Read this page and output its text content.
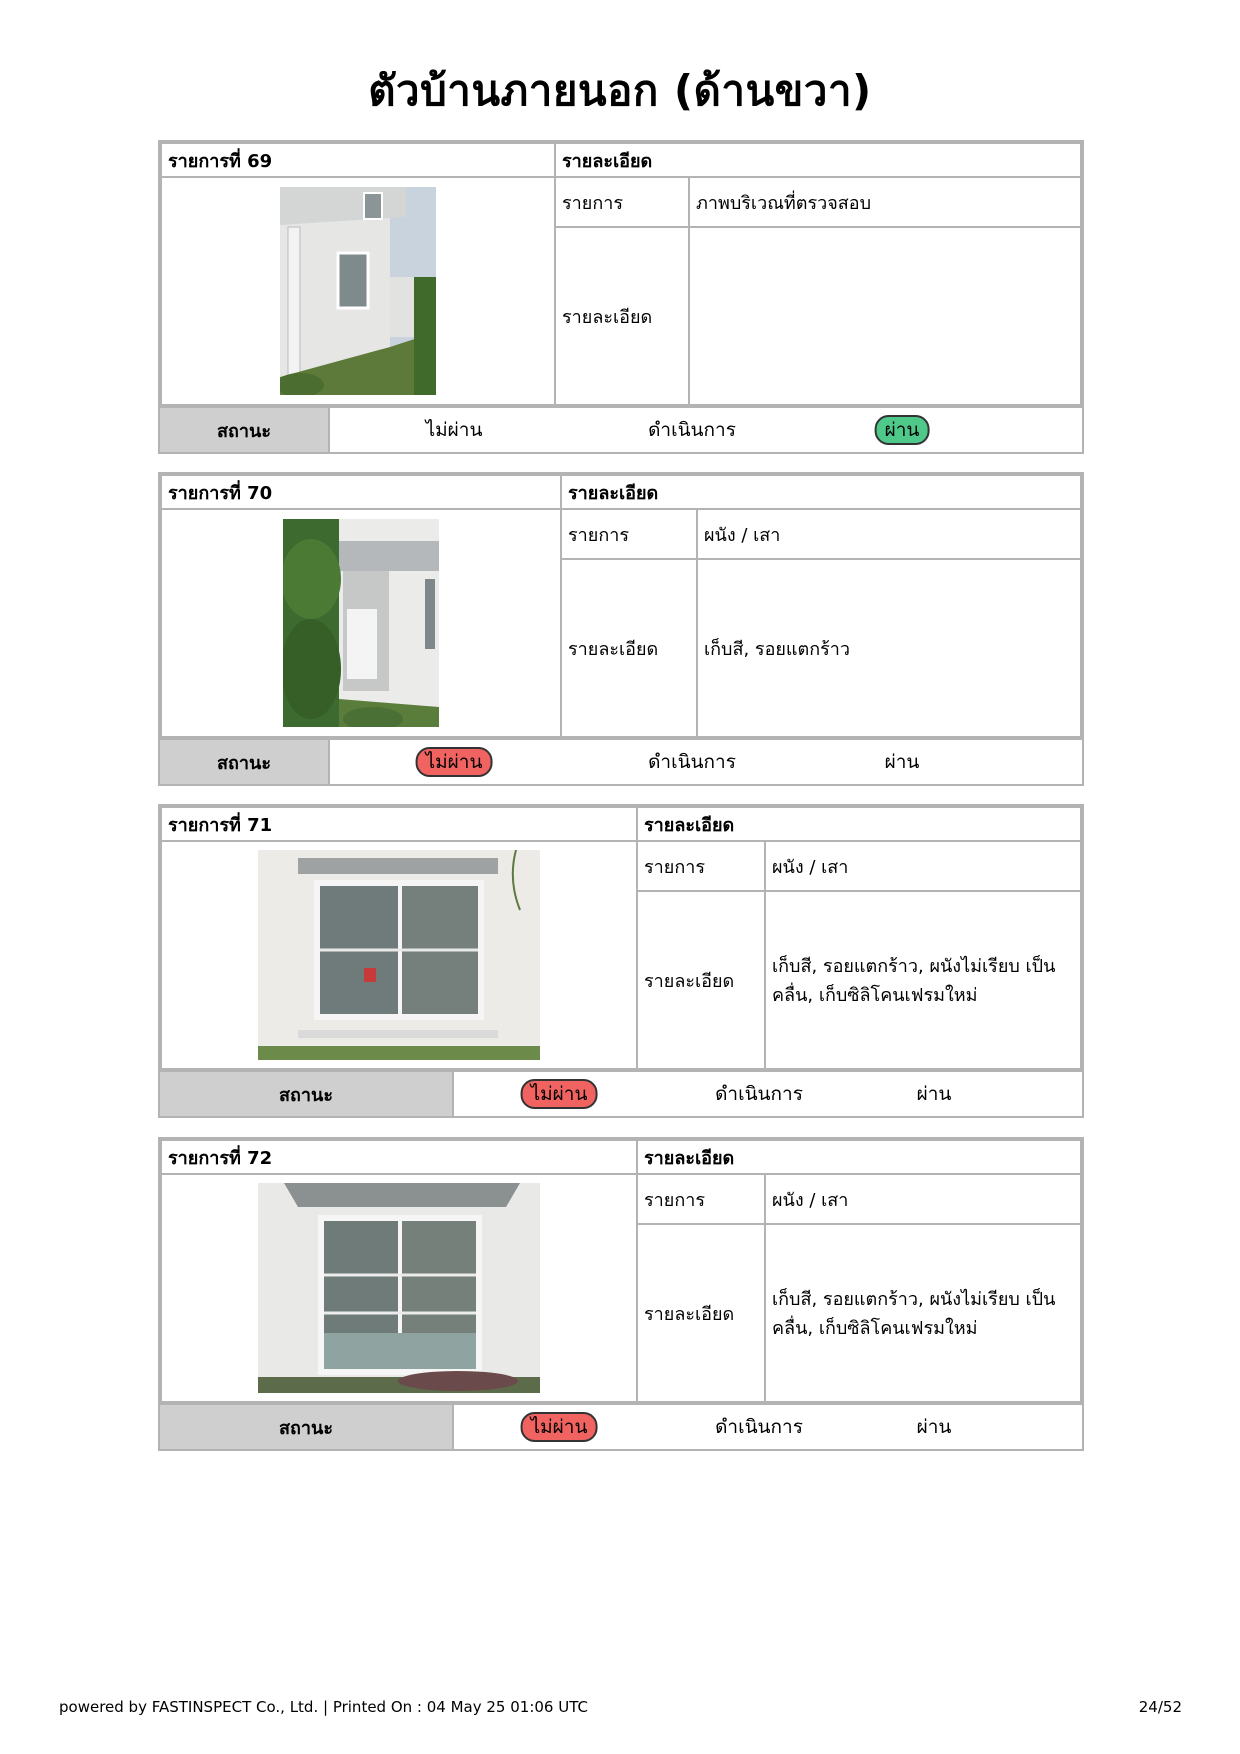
ตัวบ้านภายนอก (ด้านขวา)
รายการที่ 69	รายละเอียด	
	รายการ	ภาพบริเวณที่ตรวจสอบ
	รายละเอียด	
สถานะ	ไม่ผ่าน	ดำเนินการ	ผ่าน
รายการที่ 70	รายละเอียด	
	รายการ	ผนัง / เสา
	รายละเอียด	เก็บสี, รอยแตกร้าว
สถานะ	ไม่ผ่าน	ดำเนินการ	ผ่าน
รายการที่ 71	รายละเอียด	
	รายการ	ผนัง / เสา
	รายละเอียด	เก็บสี, รอยแตกร้าว, ผนังไม่เรียบ เป็นคลื่น, เก็บซิลิโคนเฟรมใหม่
สถานะ	ไม่ผ่าน	ดำเนินการ	ผ่าน
รายการที่ 72	รายละเอียด	
	รายการ	ผนัง / เสา
	รายละเอียด	เก็บสี, รอยแตกร้าว, ผนังไม่เรียบ เป็นคลื่น, เก็บซิลิโคนเฟรมใหม่
สถานะ	ไม่ผ่าน	ดำเนินการ	ผ่าน
powered by FASTINSPECT Co., Ltd. | Printed On : 04 May 25 01:06 UTC	24/52
